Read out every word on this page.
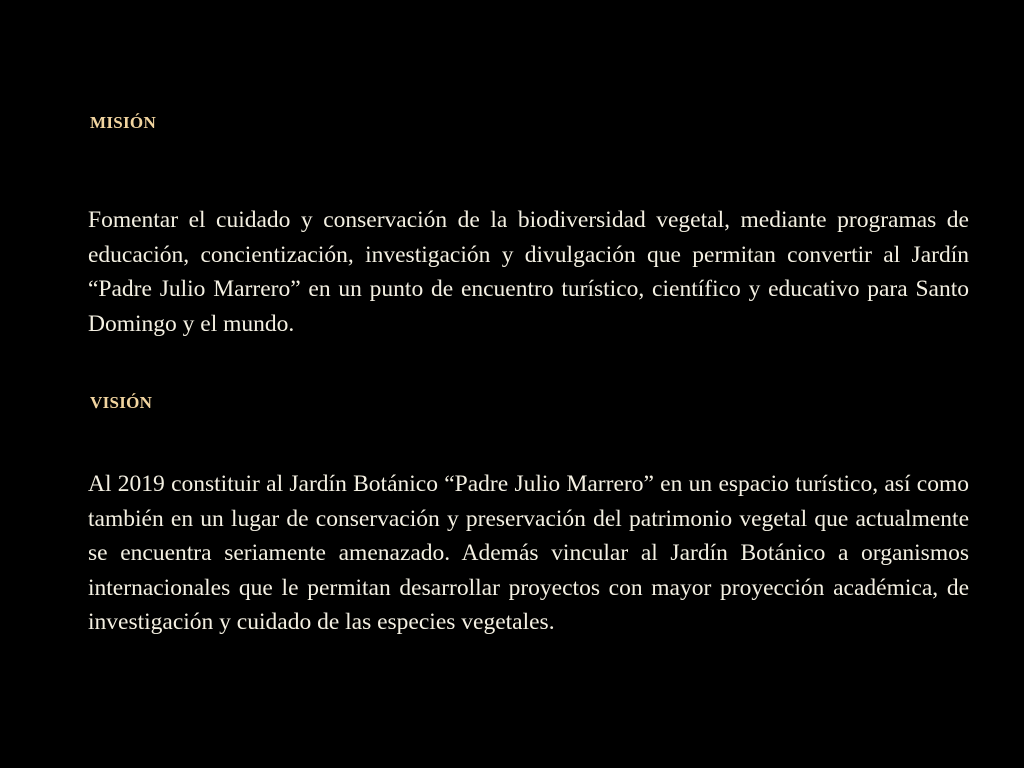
MISIÓN

Fomentar el cuidado y conservación de la biodiversidad vegetal, mediante programas de educación, concientización, investigación y divulgación que permitan convertir al Jardín “Padre Julio Marrero” en un punto de encuentro turístico, científico y educativo para Santo Domingo y el mundo.

VISIÓN

Al 2019 constituir al Jardín Botánico “Padre Julio Marrero” en un espacio turístico, así como también en un lugar de conservación y preservación del patrimonio vegetal que actualmente se encuentra seriamente amenazado. Además vincular al Jardín Botánico a organismos internacionales que le permitan desarrollar proyectos con mayor proyección académica, de investigación y cuidado de las especies vegetales.
